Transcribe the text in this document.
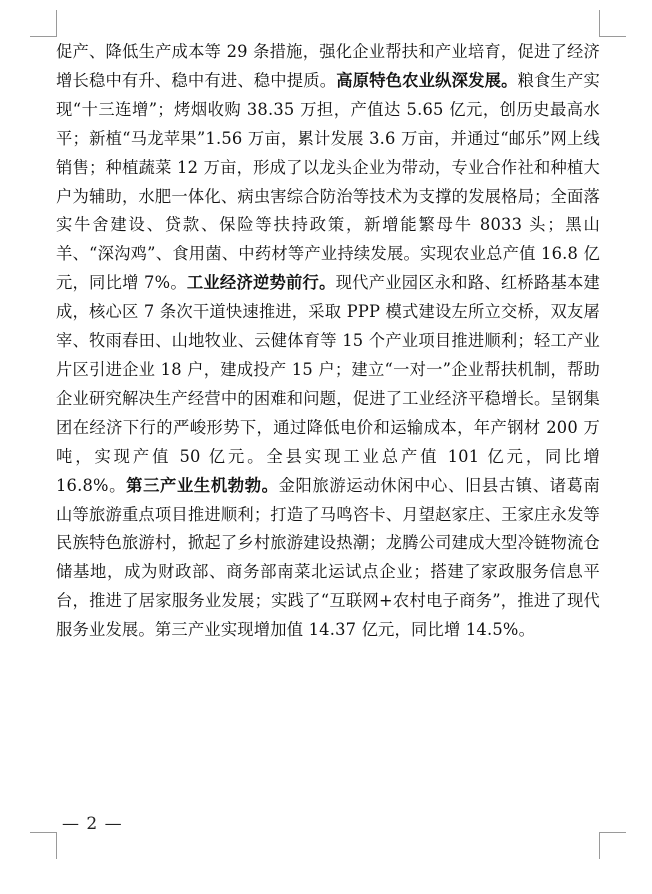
促产、降低生产成本等 29 条措施，强化企业帮扶和产业培育，促进了经济增长稳中有升、稳中有进、稳中提质。高原特色农业纵深发展。粮食生产实现“十三连增”；烤烟收购 38.35 万担，产值达 5.65 亿元，创历史最高水平；新植“马龙苹果”1.56 万亩，累计发展 3.6 万亩，并通过“邮乐”网上线销售；种植蔬菜 12 万亩，形成了以龙头企业为带动，专业合作社和种植大户为辅助，水肥一体化、病虫害综合防治等技术为支撑的发展格局；全面落实牛舍建设、贷款、保险等扶持政策，新增能繁母牛 8033 头；黑山羊、“深沟鸡”、食用菌、中药材等产业持续发展。实现农业总产值 16.8 亿元，同比增 7%。工业经济逆势前行。现代产业园区永和路、红桥路基本建成，核心区 7 条次干道快速推进，采取 PPP 模式建设左所立交桥，双友屠宰、牧雨春田、山地牧业、云健体育等 15 个产业项目推进顺利；轻工产业片区引进企业 18 户，建成投产 15 户；建立“一对一”企业帮扶机制，帮助企业研究解决生产经营中的困难和问题，促进了工业经济平稳增长。呈钢集团在经济下行的严峻形势下，通过降低电价和运输成本，年产钢材 200 万吨，实现产值 50 亿元。全县实现工业总产值 101 亿元，同比增 16.8%。第三产业生机勃勃。金阳旅游运动休闲中心、旧县古镇、诸葛南山等旅游重点项目推进顺利；打造了马鸣咨卡、月望赵家庄、王家庄永发等民族特色旅游村，掀起了乡村旅游建设热潮；龙腾公司建成大型冷链物流仓储基地，成为财政部、商务部南菜北运试点企业；搭建了家政服务信息平台，推进了居家服务业发展；实践了“互联网+农村电子商务”，推进了现代服务业发展。第三产业实现增加值 14.37 亿元，同比增 14.5%。

— 2 —
